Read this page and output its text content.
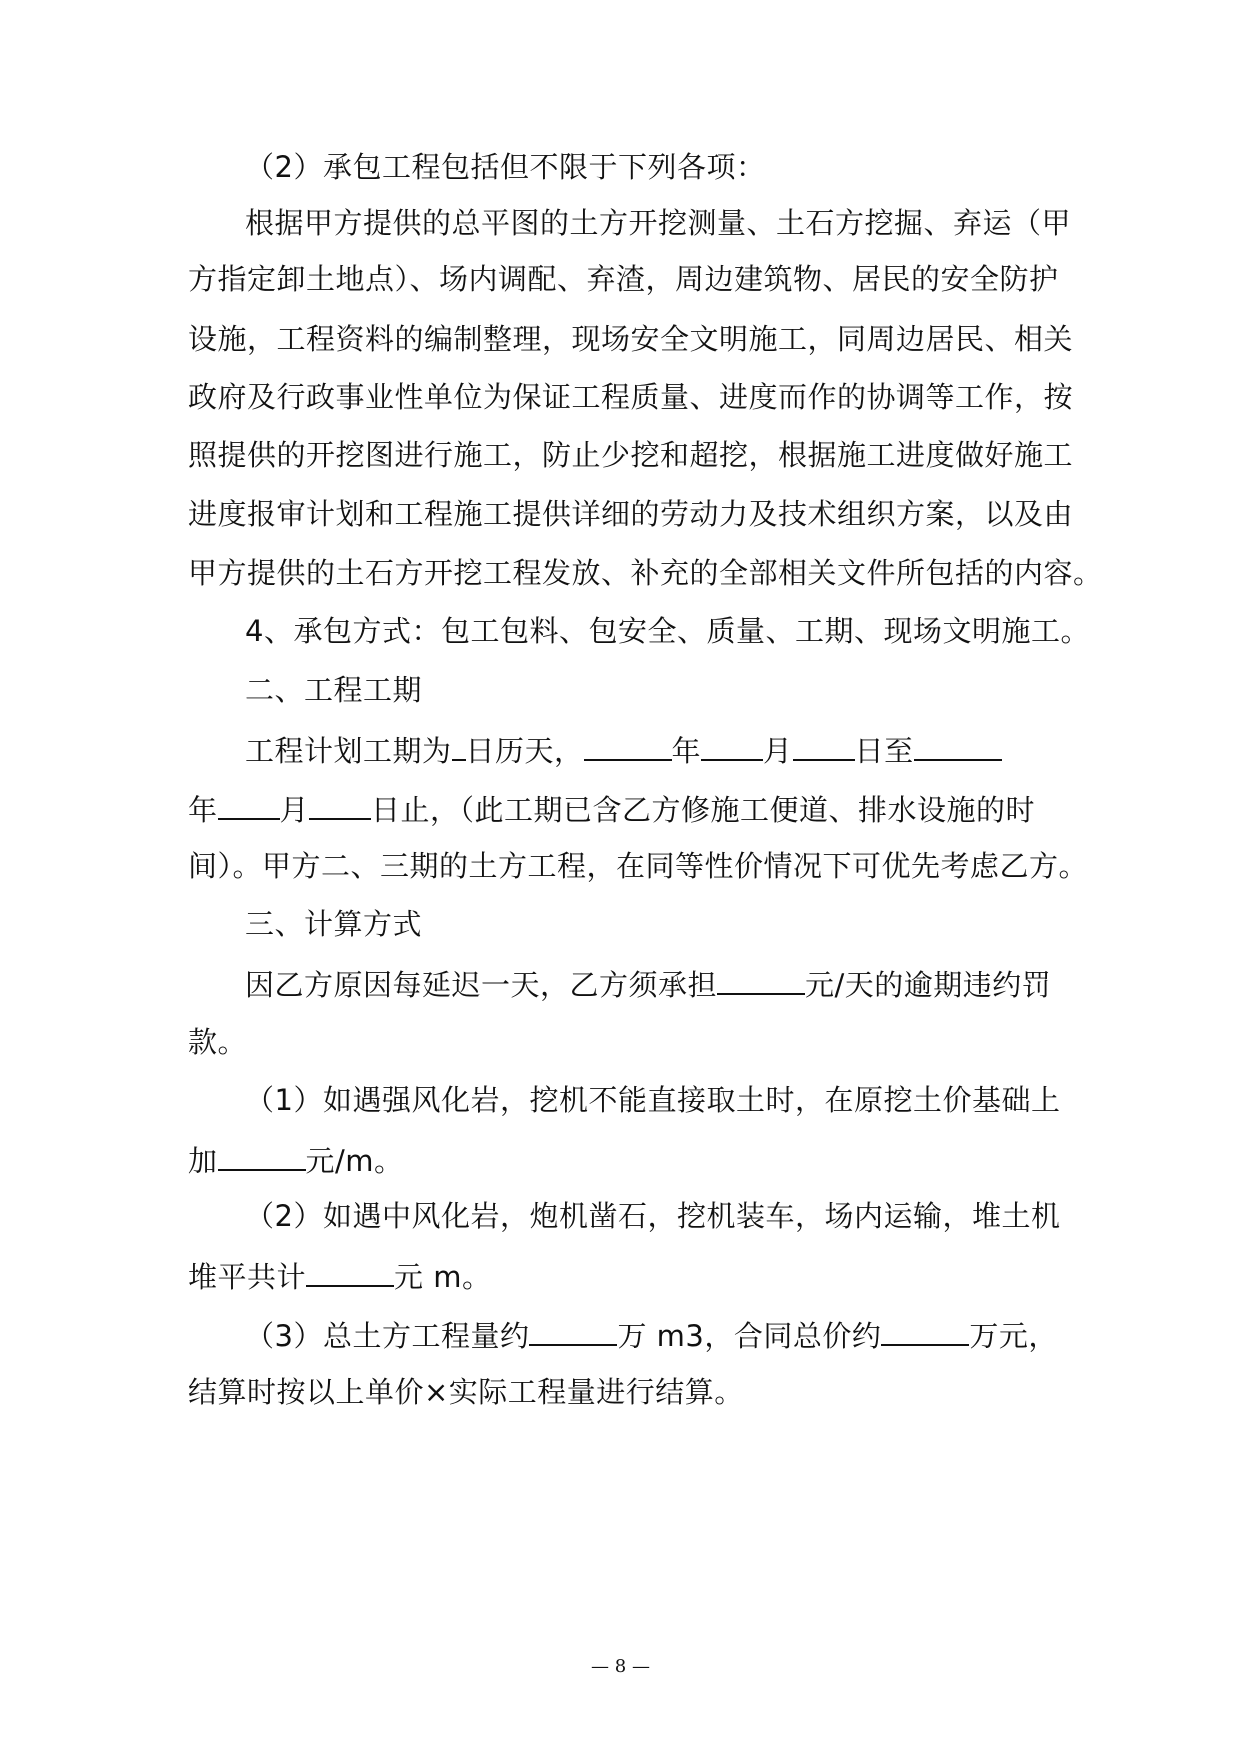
（2）承包工程包括但不限于下列各项：
根据甲方提供的总平图的土方开挖测量、土石方挖掘、弃运（甲
方指定卸土地点）、场内调配、弃渣，周边建筑物、居民的安全防护
设施，工程资料的编制整理，现场安全文明施工，同周边居民、相关
政府及行政事业性单位为保证工程质量、进度而作的协调等工作，按
照提供的开挖图进行施工，防止少挖和超挖，根据施工进度做好施工
进度报审计划和工程施工提供详细的劳动力及技术组织方案，以及由
甲方提供的土石方开挖工程发放、补充的全部相关文件所包括的内容。
4、承包方式：包工包料、包安全、质量、工期、现场文明施工。
二、工程工期
工程计划工期为 日历天，	年 月 日至
年 月 日止，（此工期已含乙方修施工便道、排水设施的时
间）。甲方二、三期的土方工程，在同等性价情况下可优先考虑乙方。
三、计算方式
因乙方原因每延迟一天，乙方须承担	元/天的逾期违约罚
款。
（1）如遇强风化岩，挖机不能直接取土时，在原挖土价基础上
加	元/m。
（2）如遇中风化岩，炮机凿石，挖机装车，场内运输，堆土机
堆平共计	元 m。
（3）总土方工程量约	万 m3，合同总价约	万元，
结算时按以上单价×实际工程量进行结算。
— 8 —
